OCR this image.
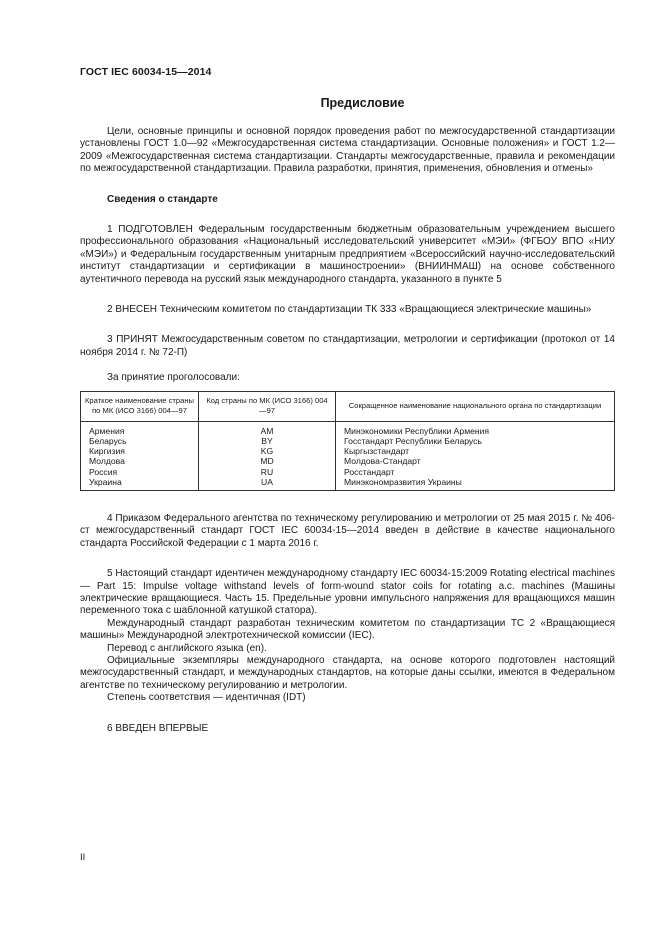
ГОСТ IEC 60034-15—2014
Предисловие

Цели, основные принципы и основной порядок проведения работ по межгосударственной стандартизации установлены ГОСТ 1.0—92 «Межгосударственная система стандартизации. Основные положения» и ГОСТ 1.2—2009 «Межгосударственная система стандартизации. Стандарты межгосударственные, правила и рекомендации по межгосударственной стандартизации. Правила разработки, принятия, применения, обновления и отмены»

Сведения о стандарте

1 ПОДГОТОВЛЕН Федеральным государственным бюджетным образовательным учреждением высшего профессионального образования «Национальный исследовательский университет «МЭИ» (ФГБОУ ВПО «НИУ «МЭИ») и Федеральным государственным унитарным предприятием «Всероссийский научно-исследовательский институт стандартизации и сертификации в машиностроении» (ВНИИНМАШ) на основе собственного аутентичного перевода на русский язык международного стандарта, указанного в пункте 5

2 ВНЕСЕН Техническим комитетом по стандартизации ТК 333 «Вращающиеся электрические машины»

3 ПРИНЯТ Межгосударственным советом по стандартизации, метрологии и сертификации (протокол от 14 ноября 2014 г. № 72-П)

За принятие проголосовали:

Краткое наименование страны по МК (ИСО 3166) 004—97	Код страны по МК (ИСО 3166) 004—97	Сокращенное наименование национального органа по стандартизации
Армения	AM	Минэкономики Республики Армения
Беларусь	BY	Госстандарт Республики Беларусь
Киргизия	KG	Кыргызстандарт
Молдова	MD	Молдова-Стандарт
Россия	RU	Росстандарт
Украина	UA	Минэкономразвития Украины

4 Приказом Федерального агентства по техническому регулированию и метрологии от 25 мая 2015 г. № 406-ст межгосударственный стандарт ГОСТ IEC 60034-15—2014 введен в действие в качестве национального стандарта Российской Федерации с 1 марта 2016 г.

5 Настоящий стандарт идентичен международному стандарту IEC 60034-15:2009 Rotating electrical machines — Part 15: Impulse voltage withstand levels of form-wound stator coils for rotating a.c. machines (Машины электрические вращающиеся. Часть 15. Предельные уровни импульсного напряжения для вращающихся машин переменного тока с шаблонной катушкой статора).

Международный стандарт разработан техническим комитетом по стандартизации ТС 2 «Вращающиеся машины» Международной электротехнической комиссии (IEC).

Перевод с английского языка (en).

Официальные экземпляры международного стандарта, на основе которого подготовлен настоящий межгосударственный стандарт, и международных стандартов, на которые даны ссылки, имеются в Федеральном агентстве по техническому регулированию и метрологии.

Степень соответствия — идентичная (IDT)

6 ВВЕДЕН ВПЕРВЫЕ

II
